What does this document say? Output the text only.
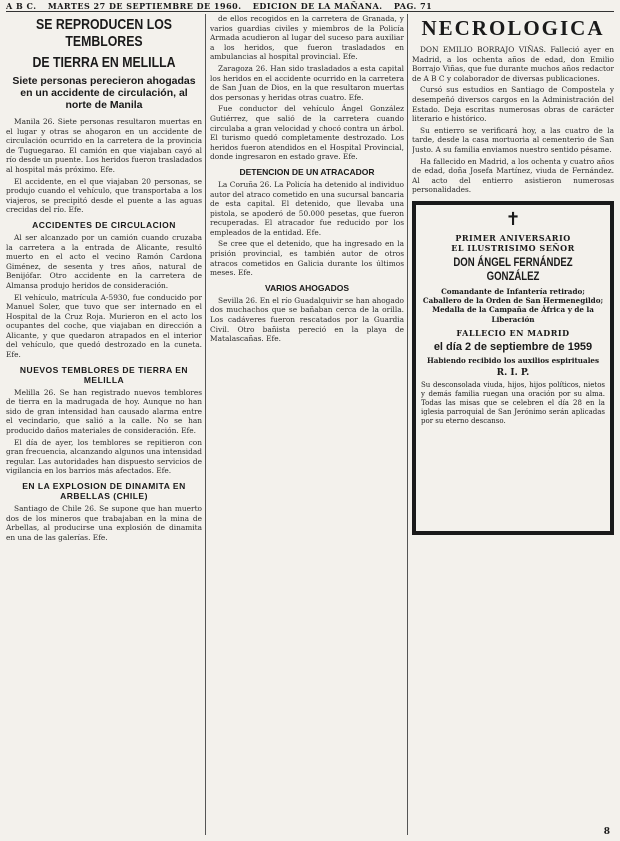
A B C. MARTES 27 DE SEPTIEMBRE DE 1960. EDICION DE LA MAÑANA. PAG. 71
SE REPRODUCEN LOS TEMBLORES
DE TIERRA EN MELILLA
Siete personas perecieron ahogadas en un accidente de circulación, al norte de Manila

Manila 26. Siete personas resultaron muertas en el lugar y otras se ahogaron en un accidente de circulación ocurrido en la carretera de la provincia de Tuguegarao. El camión en que viajaban cayó al río desde un puente. Los heridos fueron trasladados al hospital más próximo. Efe.

El accidente, en el que viajaban 20 personas, se produjo cuando el vehículo, que transportaba a los viajeros, se precipitó desde el puente a las aguas crecidas del río. Efe.

ACCIDENTES DE CIRCULACION

Al ser alcanzado por un camión cuando cruzaba la carretera a la entrada de Alicante, resultó muerto en el acto el vecino Ramón Cardona Giménez, de sesenta y tres años, natural de Benijófar. Otro accidente en la carretera de Almansa produjo heridos de consideración.

El vehículo, matrícula A-5930, fue conducido por Manuel Soler, que tuvo que ser internado en el Hospital de la Cruz Roja. Murieron en el acto los ocupantes del coche, que viajaban en dirección a Alicante, y que quedaron atrapados en el interior del vehículo, que quedó destrozado en la cuneta. Efe.

NUEVOS TEMBLORES DE TIERRA EN MELILLA

Melilla 26. Se han registrado nuevos temblores de tierra en la madrugada de hoy. Aunque no han sido de gran intensidad han causado alarma entre el vecindario, que salió a la calle. No se han producido daños materiales de consideración. Efe.

El día de ayer, los temblores se repitieron con gran frecuencia, alcanzando algunos una intensidad regular. Las autoridades han dispuesto servicios de vigilancia en los barrios más afectados. Efe.

EN LA EXPLOSION DE DINAMITA EN ARBELLAS (CHILE)

Santiago de Chile 26. Se supone que han muerto dos de los mineros que trabajaban en la mina de Arbellas, al producirse una explosión de dinamita en una de las galerías. Efe.

de ellos recogidos en la carretera de Granada, y varios guardias civiles y miembros de la Policía Armada acudieron al lugar del suceso para auxiliar a los heridos, que fueron trasladados en ambulancias al hospital provincial. Efe.

Zaragoza 26. Han sido trasladados a esta capital los heridos en el accidente ocurrido en la carretera de San Juan de Dios, en la que resultaron muertas dos personas y heridas otras cuatro. Efe.

Fue conductor del vehículo Ángel González Gutiérrez, que salió de la carretera cuando circulaba a gran velocidad y chocó contra un árbol. El turismo quedó completamente destrozado. Los heridos fueron atendidos en el Hospital Provincial, donde ingresaron en estado grave. Efe.

DETENCION DE UN ATRACADOR

La Coruña 26. La Policía ha detenido al individuo autor del atraco cometido en una sucursal bancaria de esta capital. El detenido, que llevaba una pistola, se apoderó de 50.000 pesetas, que fueron recuperadas. El atracador fue reducido por los empleados de la entidad. Efe.

Se cree que el detenido, que ha ingresado en la prisión provincial, es también autor de otros atracos cometidos en Galicia durante los últimos meses. Efe.

VARIOS AHOGADOS

Sevilla 26. En el río Guadalquivir se han ahogado dos muchachos que se bañaban cerca de la orilla. Los cadáveres fueron rescatados por la Guardia Civil. Otro bañista pereció en la playa de Matalascañas. Efe.

NECROLOGICA

DON EMILIO BORRAJO VIÑAS. Falleció ayer en Madrid, a los ochenta años de edad, don Emilio Borrajo Viñas, que fue durante muchos años redactor de A B C y colaborador de diversas publicaciones.

Cursó sus estudios en Santiago de Compostela y desempeñó diversos cargos en la Administración del Estado. Deja escritas numerosas obras de carácter literario e histórico.

Su entierro se verificará hoy, a las cuatro de la tarde, desde la casa mortuoria al cementerio de San Justo. A su familia enviamos nuestro sentido pésame.

Ha fallecido en Madrid, a los ochenta y cuatro años de edad, doña Josefa Martínez, viuda de Fernández. Al acto del entierro asistieron numerosas personalidades.

✝
PRIMER ANIVERSARIO
EL ILUSTRISIMO SEÑOR
DON ÁNGEL FERNÁNDEZ GONZÁLEZ
Comandante de Infantería retirado; Caballero de la Orden de San Hermenegildo; Medalla de la Campaña de África y de la Liberación
FALLECIO EN MADRID
el día 2 de septiembre de 1959
Habiendo recibido los auxilios espirituales
R. I. P.
Su desconsolada viuda, hijos, hijos políticos, nietos y demás familia ruegan una oración por su alma. Todas las misas que se celebren el día 28 en la iglesia parroquial de San Jerónimo serán aplicadas por su eterno descanso.
8
